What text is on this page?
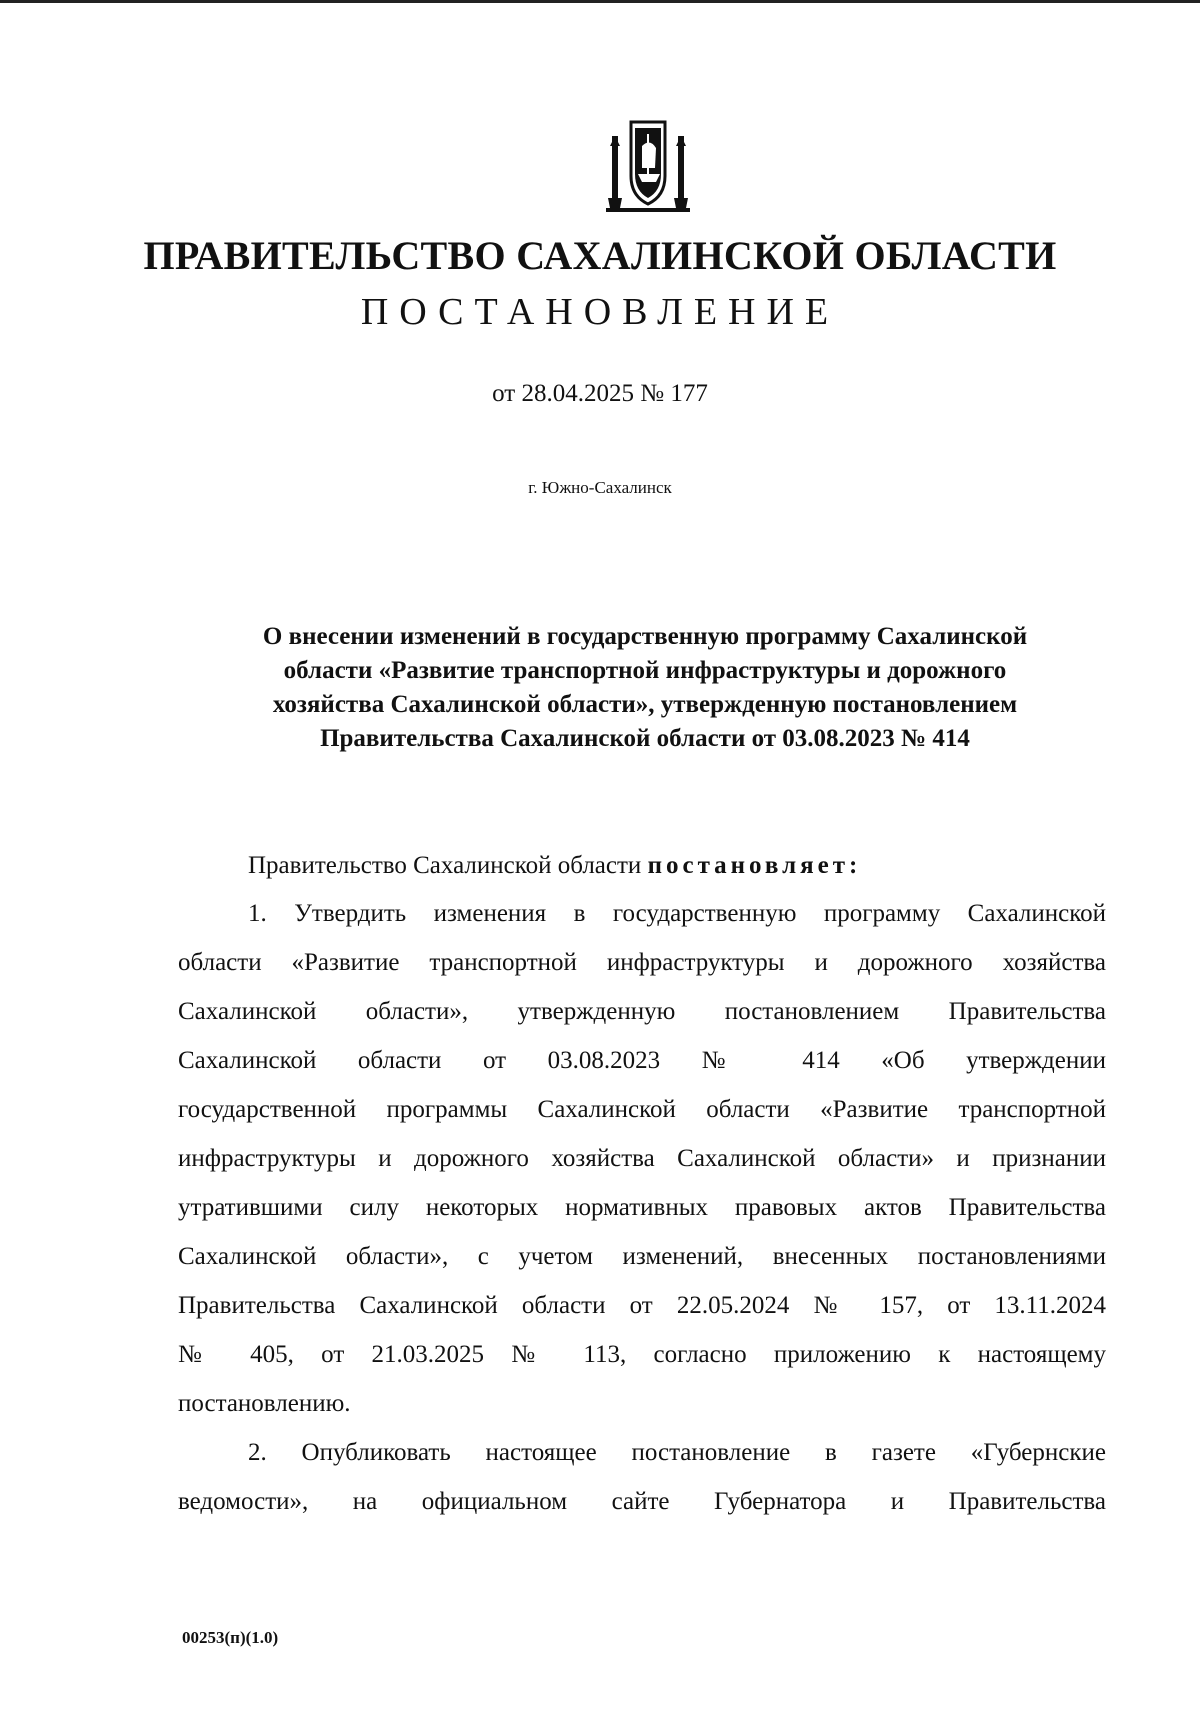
ПРАВИТЕЛЬСТВО САХАЛИНСКОЙ ОБЛАСТИ
ПОСТАНОВЛЕНИЕ
от 28.04.2025 № 177
г. Южно-Сахалинск
О внесении изменений в государственную программу Сахалинской области «Развитие транспортной инфраструктуры и дорожного хозяйства Сахалинской области», утвержденную постановлением Правительства Сахалинской области от 03.08.2023 № 414
Правительство Сахалинской области постановляет:
1. Утвердить изменения в государственную программу Сахалинской
области «Развитие транспортной инфраструктуры и дорожного хозяйства
Сахалинской области», утвержденную постановлением Правительства
Сахалинской области от 03.08.2023 № 414 «Об утверждении
государственной программы Сахалинской области «Развитие транспортной
инфраструктуры и дорожного хозяйства Сахалинской области» и признании
утратившими силу некоторых нормативных правовых актов Правительства
Сахалинской области», с учетом изменений, внесенных постановлениями
Правительства Сахалинской области от 22.05.2024 № 157, от 13.11.2024
№ 405, от 21.03.2025 № 113, согласно приложению к настоящему
постановлению.
2. Опубликовать настоящее постановление в газете «Губернские
ведомости», на официальном сайте Губернатора и Правительства
00253(п)(1.0)
